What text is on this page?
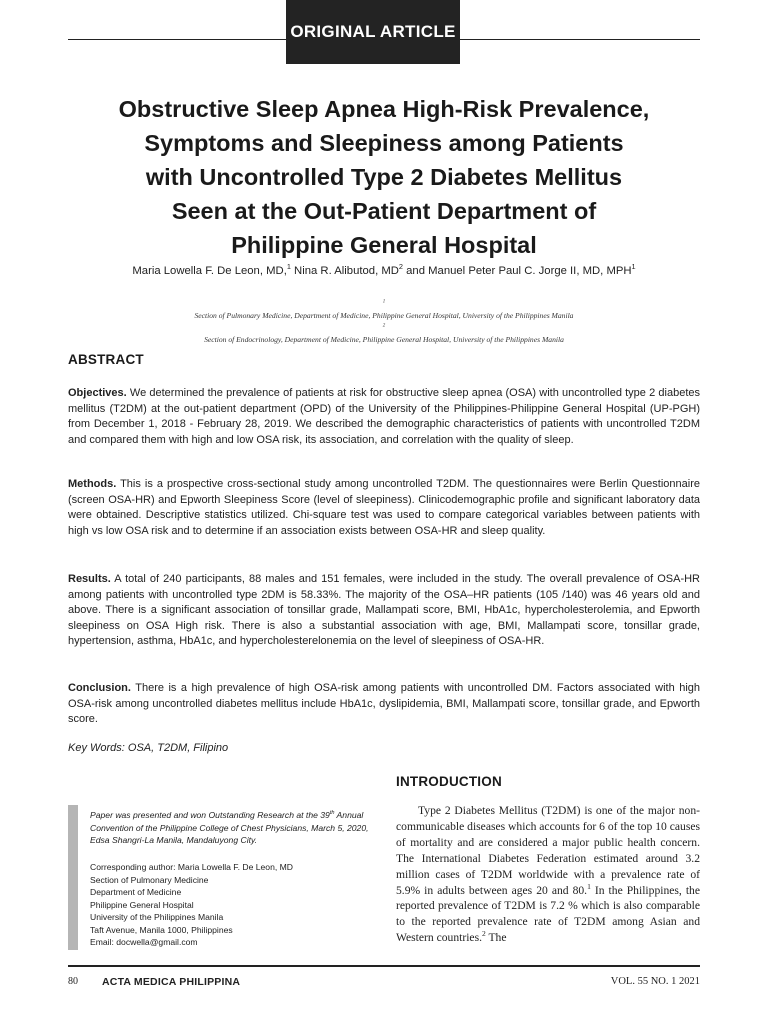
ORIGINAL ARTICLE
Obstructive Sleep Apnea High-Risk Prevalence,
Symptoms and Sleepiness among Patients
with Uncontrolled Type 2 Diabetes Mellitus
Seen at the Out-Patient Department of
Philippine General Hospital
Maria Lowella F. De Leon, MD,$^1$ Nina R. Alibutod, $MD^2$ and Manuel Peter Paul C. Jorge II, MD, MPH$^1$
$^1$
Section of Pulmonary Medicine, Department of Medicine, Philippine General Hospital, University of the Philippines Manila
$^2$
Section of Endocrinology, Department of Medicine, Philippine General Hospital, University of the Philippines Manila
ABSTRACT
Objectives. We determined the prevalence of patients at risk for obstructive sleep apnea (OSA) with uncontrolled type 2 diabetes mellitus (T2DM) at the out-patient department (OPD) of the University of the Philippines-Philippine General Hospital (UP-PGH) from December 1, 2018 - February 28, 2019. We described the demographic characteristics of patients with uncontrolled T2DM and compared them with high and low OSA risk, its association, and correlation with the quality of sleep.
Methods. This is a prospective cross-sectional study among uncontrolled T2DM. The questionnaires were Berlin Questionnaire (screen OSA-HR) and Epworth Sleepiness Score (level of sleepiness). Clinicodemographic profile and significant laboratory data were obtained. Descriptive statistics utilized. Chi-square test was used to compare categorical variables between patients with high vs low OSA risk and to determine if an association exists between OSA-HR and sleep quality.
Results. A total of 240 participants, 88 males and 151 females, were included in the study. The overall prevalence of OSA-HR among patients with uncontrolled type 2DM is 58.33%. The majority of the OSA–HR patients (105 /140) was 46 years old and above. There is a significant association of tonsillar grade, Mallampati score, BMI, HbA1c, hypercholesterolemia, and Epworth sleepiness on OSA High risk. There is also a substantial association with age, BMI, Mallampati score, tonsillar grade, hypertension, asthma, HbA1c, and hypercholesterelonemia on the level of sleepiness of OSA-HR.
Conclusion. There is a high prevalence of high OSA-risk among patients with uncontrolled DM. Factors associated with high OSA-risk among uncontrolled diabetes mellitus include HbA1c, dyslipidemia, BMI, Mallampati score, tonsillar grade, and Epworth score.
Key Words: OSA, T2DM, Filipino
Paper was presented and won Outstanding Research at the 39th Annual Convention of the Philippine College of Chest Physicians, March 5, 2020, Edsa Shangri-La Manila, Mandaluyong City.
Corresponding author: Maria Lowella F. De Leon, MD
Section of Pulmonary Medicine
Department of Medicine
Philippine General Hospital
University of the Philippines Manila
Taft Avenue, Manila 1000, Philippines
Email: docwella@gmail.com
INTRODUCTION
Type 2 Diabetes Mellitus (T2DM) is one of the major non-communicable diseases which accounts for 6 of the top 10 causes of mortality and are considered a major public health concern. The International Diabetes Federation estimated around 3.2 million cases of T2DM worldwide with a prevalence rate of 5.9% in adults between ages 20 and 80.$^1$ In the Philippines, the reported prevalence of T2DM is 7.2 % which is also comparable to the reported prevalence rate of T2DM among Asian and Western countries.$^2$ The
80 ACTA MEDICA PHILIPPINA	VOL. 55 NO. 1 2021
